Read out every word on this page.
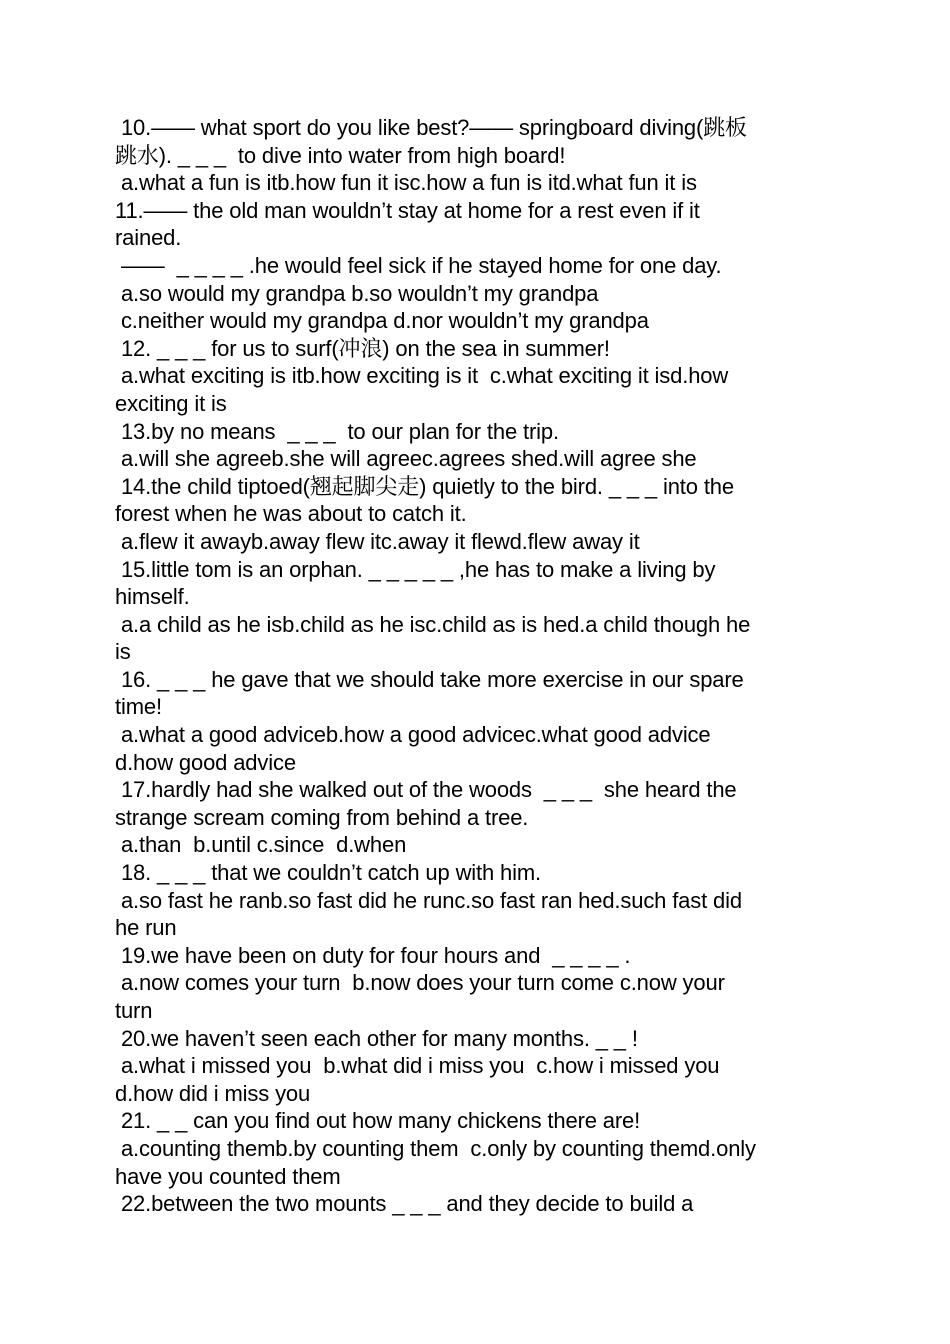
10.—— what sport do you like best?—— springboard diving(跳板
跳水). _ _ _  to dive into water from high board!
a.what a fun is itb.how fun it isc.how a fun is itd.what fun it is
11.—— the old man wouldn’t stay at home for a rest even if it
rained.
——  _ _ _ _ .he would feel sick if he stayed home for one day.
a.so would my grandpa b.so wouldn’t my grandpa
c.neither would my grandpa d.nor wouldn’t my grandpa
12. _ _ _ for us to surf(冲浪) on the sea in summer!
a.what exciting is itb.how exciting is it  c.what exciting it isd.how
exciting it is
13.by no means  _ _ _  to our plan for the trip.
a.will she agreeb.she will agreec.agrees shed.will agree she
14.the child tiptoed(翘起脚尖走) quietly to the bird. _ _ _ into the
forest when he was about to catch it.
a.flew it awayb.away flew itc.away it flewd.flew away it
15.little tom is an orphan. _ _ _ _ _ ,he has to make a living by
himself.
a.a child as he isb.child as he isc.child as is hed.a child though he
is
16. _ _ _ he gave that we should take more exercise in our spare
time!
a.what a good adviceb.how a good advicec.what good advice
d.how good advice
17.hardly had she walked out of the woods  _ _ _  she heard the
strange scream coming from behind a tree.
a.than  b.until c.since  d.when
18. _ _ _ that we couldn’t catch up with him.
a.so fast he ranb.so fast did he runc.so fast ran hed.such fast did
he run
19.we have been on duty for four hours and  _ _ _ _ .
a.now comes your turn  b.now does your turn come c.now your
turn
20.we haven’t seen each other for many months. _ _ !
a.what i missed you  b.what did i miss you  c.how i missed you
d.how did i miss you
21. _ _ can you find out how many chickens there are!
a.counting themb.by counting them  c.only by counting themd.only
have you counted them
22.between the two mounts _ _ _ and they decide to build a
